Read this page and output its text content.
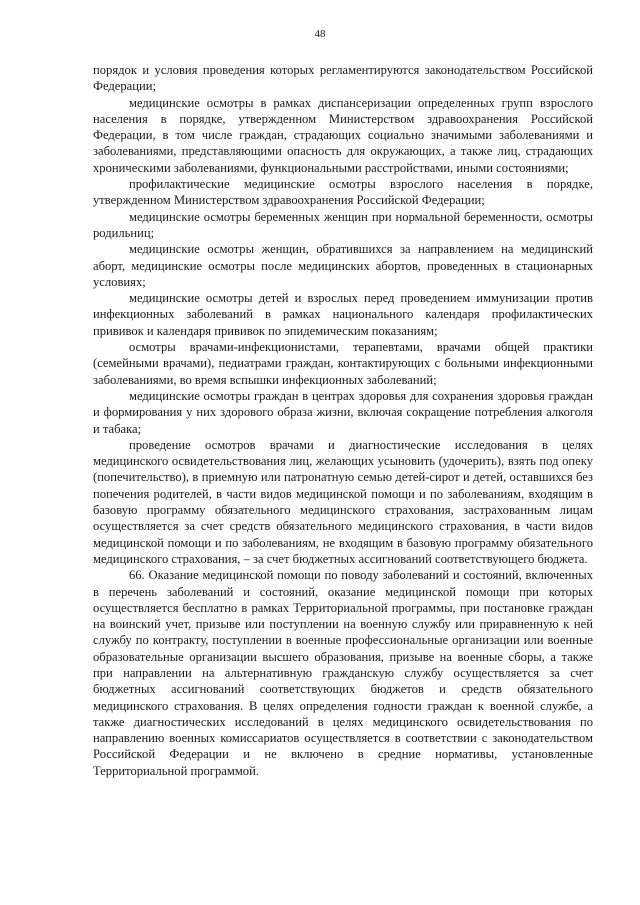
48

порядок и условия проведения которых регламентируются законодательством Российской Федерации;

медицинские осмотры в рамках диспансеризации определенных групп взрослого населения в порядке, утвержденном Министерством здравоохранения Российской Федерации, в том числе граждан, страдающих социально значимыми заболеваниями и заболеваниями, представляющими опасность для окружающих, а также лиц, страдающих хроническими заболеваниями, функциональными расстройствами, иными состояниями;

профилактические медицинские осмотры взрослого населения в порядке, утвержденном Министерством здравоохранения Российской Федерации;

медицинские осмотры беременных женщин при нормальной беременности, осмотры родильниц;

медицинские осмотры женщин, обратившихся за направлением на медицинский аборт, медицинские осмотры после медицинских абортов, проведенных в стационарных условиях;

медицинские осмотры детей и взрослых перед проведением иммунизации против инфекционных заболеваний в рамках национального календаря профилактических прививок и календаря прививок по эпидемическим показаниям;

осмотры врачами-инфекционистами, терапевтами, врачами общей практики (семейными врачами), педиатрами граждан, контактирующих с больными инфекционными заболеваниями, во время вспышки инфекционных заболеваний;

медицинские осмотры граждан в центрах здоровья для сохранения здоровья граждан и формирования у них здорового образа жизни, включая сокращение потребления алкоголя и табака;

проведение осмотров врачами и диагностические исследования в целях медицинского освидетельствования лиц, желающих усыновить (удочерить), взять под опеку (попечительство), в приемную или патронатную семью детей-сирот и детей, оставшихся без попечения родителей, в части видов медицинской помощи и по заболеваниям, входящим в базовую программу обязательного медицинского страхования, застрахованным лицам осуществляется за счет средств обязательного медицинского страхования, в части видов медицинской помощи и по заболеваниям, не входящим в базовую программу обязательного медицинского страхования, – за счет бюджетных ассигнований соответствующего бюджета.

66. Оказание медицинской помощи по поводу заболеваний и состояний, включенных в перечень заболеваний и состояний, оказание медицинской помощи при которых осуществляется бесплатно в рамках Территориальной программы, при постановке граждан на воинский учет, призыве или поступлении на военную службу или приравненную к ней службу по контракту, поступлении в военные профессиональные организации или военные образовательные организации высшего образования, призыве на военные сборы, а также при направлении на альтернативную гражданскую службу осуществляется за счет бюджетных ассигнований соответствующих бюджетов и средств обязательного медицинского страхования. В целях определения годности граждан к военной службе, а также диагностических исследований в целях медицинского освидетельствования по направлению военных комиссариатов осуществляется в соответствии с законодательством Российской Федерации и не включено в средние нормативы, установленные Территориальной программой.
